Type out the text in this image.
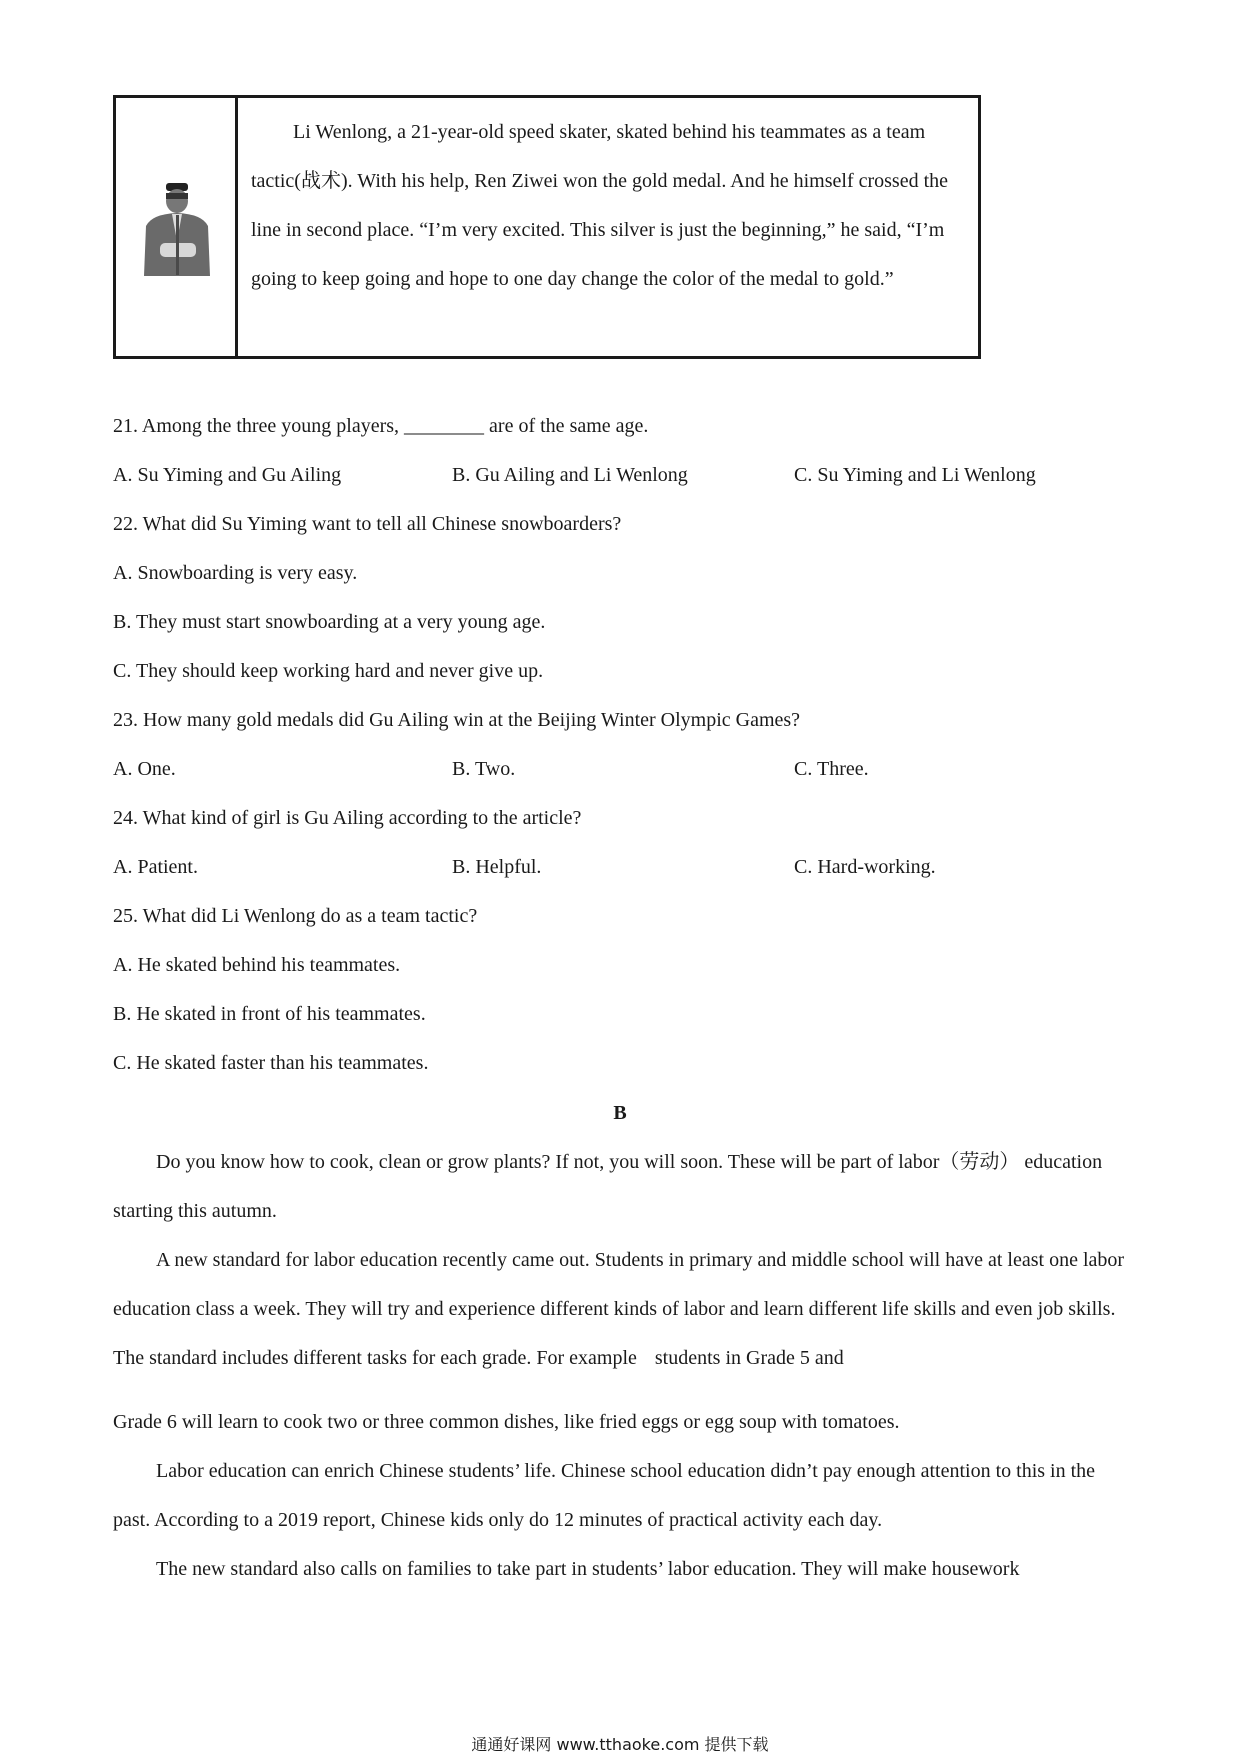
Li Wenlong, a 21-year-old speed skater, skated behind his teammates as a team tactic(战术). With his help, Ren Ziwei won the gold medal. And he himself crossed the line in second place. “I’m very excited. This silver is just the beginning,” he said, “I’m going to keep going and hope to one day change the color of the medal to gold.”

21. Among the three young players, ________ are of the same age.
A. Su Yiming and Gu Ailing	B. Gu Ailing and Li Wenlong	C. Su Yiming and Li Wenlong
22. What did Su Yiming want to tell all Chinese snowboarders?
A. Snowboarding is very easy.
B. They must start snowboarding at a very young age.
C. They should keep working hard and never give up.
23. How many gold medals did Gu Ailing win at the Beijing Winter Olympic Games?
A. One.	B. Two.	C. Three.
24. What kind of girl is Gu Ailing according to the article?
A. Patient.	B. Helpful.	C. Hard-working.
25. What did Li Wenlong do as a team tactic?
A. He skated behind his teammates.
B. He skated in front of his teammates.
C. He skated faster than his teammates.
B

Do you know how to cook, clean or grow plants? If not, you will soon. These will be part of labor（劳动） education starting this autumn.

A new standard for labor education recently came out. Students in primary and middle school will have at least one labor education class a week. They will try and experience different kinds of labor and learn different life skills and even job skills. The standard includes different tasks for each grade. For example students in Grade 5 and

Grade 6 will learn to cook two or three common dishes, like fried eggs or egg soup with tomatoes.

Labor education can enrich Chinese students’ life. Chinese school education didn’t pay enough attention to this in the past. According to a 2019 report, Chinese kids only do 12 minutes of practical activity each day.

The new standard also calls on families to take part in students’ labor education. They will make housework

通通好课网 www.tthaoke.com 提供下载
